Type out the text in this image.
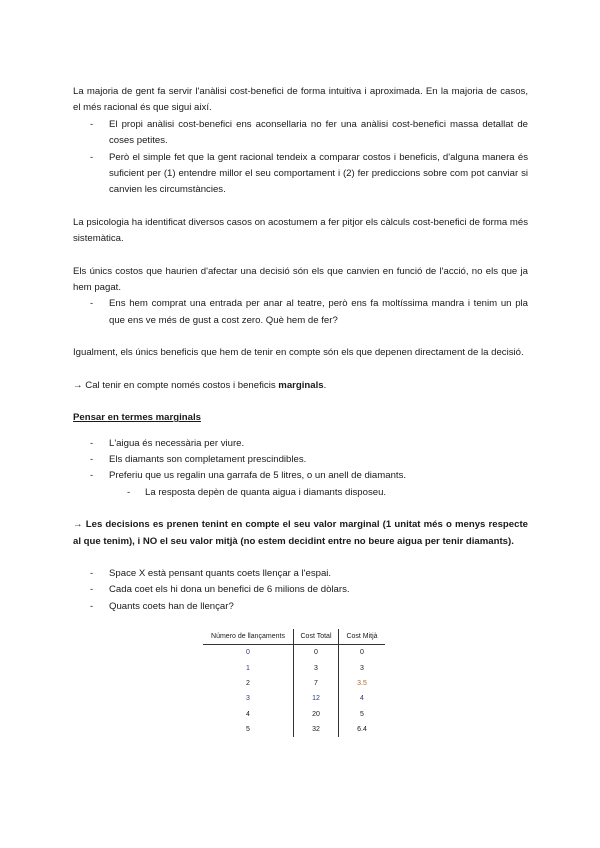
La majoria de gent fa servir l'anàlisi cost-benefici de forma intuitiva i aproximada. En la majoria de casos, el més racional és que sigui així.

- El propi anàlisi cost-benefici ens aconsellaria no fer una anàlisi cost-benefici massa detallat de coses petites.
- Però el simple fet que la gent racional tendeix a comparar costos i beneficis, d'alguna manera és suficient per (1) entendre millor el seu comportament i (2) fer prediccions sobre com pot canviar si canvien les circumstàncies.

La psicologia ha identificat diversos casos on acostumem a fer pitjor els càlculs cost-benefici de forma més sistemàtica.

Els únics costos que haurien d'afectar una decisió són els que canvien en funció de l'acció, no els que ja hem pagat.

- Ens hem comprat una entrada per anar al teatre, però ens fa moltíssima mandra i tenim un pla que ens ve més de gust a cost zero. Què hem de fer?

Igualment, els únics beneficis que hem de tenir en compte són els que depenen directament de la decisió.

→ Cal tenir en compte només costos i beneficis marginals.

Pensar en termes marginals

- L'aigua és necessària per viure.
- Els diamants son completament prescindibles.
- Preferiu que us regalin una garrafa de 5 litres, o un anell de diamants.
- La resposta depèn de quanta aigua i diamants disposeu.

→ Les decisions es prenen tenint en compte el seu valor marginal (1 unitat més o menys respecte al que tenim), i NO el seu valor mitjà (no estem decidint entre no beure aigua per tenir diamants).

- Space X està pensant quants coets llençar a l'espai.
- Cada coet els hi dona un benefici de 6 milions de dòlars.
- Quants coets han de llençar?
Número de llançaments	Cost Total	Cost Mitjà
0	0	0
1	3	3
2	7	3.5
3	12	4
4	20	5
5	32	6.4
